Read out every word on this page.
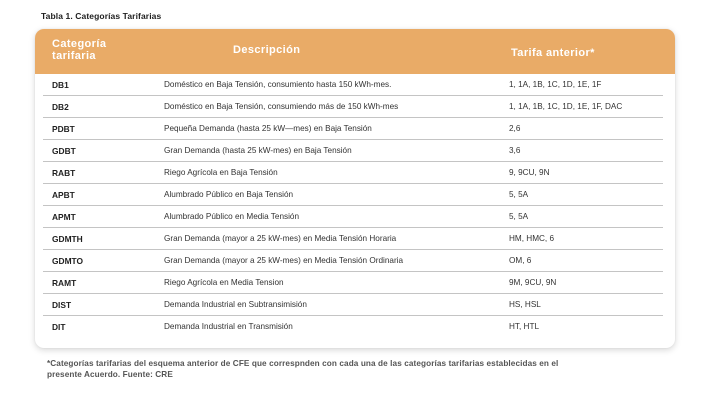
Tabla 1. Categorías Tarifarias
Categoría tarifaria	Descripción	Tarifa anterior*
DB1	Doméstico en Baja Tensión, consumiento hasta 150 kWh-mes.	1, 1A, 1B, 1C, 1D, 1E, 1F
DB2	Doméstico en Baja Tensión, consumiendo más de 150 kWh-mes	1, 1A, 1B, 1C, 1D, 1E, 1F, DAC
PDBT	Pequeña Demanda (hasta 25 kW—mes) en Baja Tensión	2,6
GDBT	Gran Demanda (hasta 25 kW-mes) en Baja Tensión	3,6
RABT	Riego Agrícola en Baja Tensión	9, 9CU, 9N
APBT	Alumbrado Público en Baja Tensión	5, 5A
APMT	Alumbrado Público en Media Tensión	5, 5A
GDMTH	Gran Demanda (mayor a 25 kW-mes) en Media Tensión Horaria	HM, HMC, 6
GDMTO	Gran Demanda (mayor a 25 kW-mes) en Media Tensión Ordinaria	OM, 6
RAMT	Riego Agrícola en Media Tension	9M, 9CU, 9N
DIST	Demanda Industrial en Subtransimisión	HS, HSL
DIT	Demanda Industrial en Transmisión	HT, HTL
*Categorías tarifarias del esquema anterior de CFE que correspnden con cada una de las categorías tarifarias establecidas en el presente Acuerdo. Fuente: CRE
